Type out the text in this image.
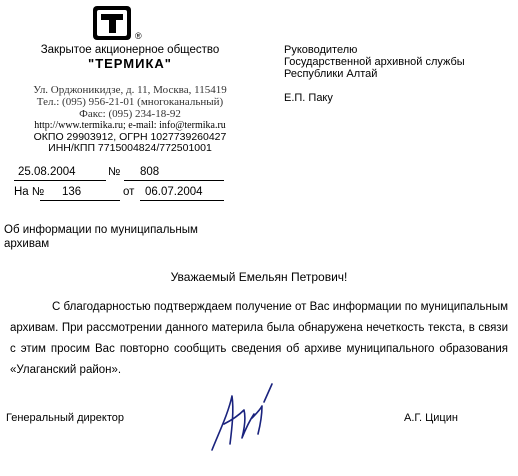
®
Закрытое акционерное общество
"ТЕРМИКА"
Ул. Орджоникидзе, д. 11, Москва, 115419
Тел.: (095) 956-21-01 (многоканальный)
Факс: (095) 234-18-92
http://www.termika.ru; e-mail: info@termika.ru
ОКПО 29903912, ОГРН 1027739260427
ИНН/КПП 7715004824/772501001
Руководителю
Государственной архивной службы
Республики Алтай
Е.П. Паку
25.08.2004	№ 808
На № 136	от 06.07.2004
Об информации по муниципальным
архивам
Уважаемый Емельян Петрович!
С благодарностью подтверждаем получение от Вас информации по муниципальным архивам. При рассмотрении данного материла была обнаружена нечеткость текста, в связи с этим просим Вас повторно сообщить сведения об архиве муниципального образования «Улаганский район».
Генеральный директор	А.Г. Цицин
